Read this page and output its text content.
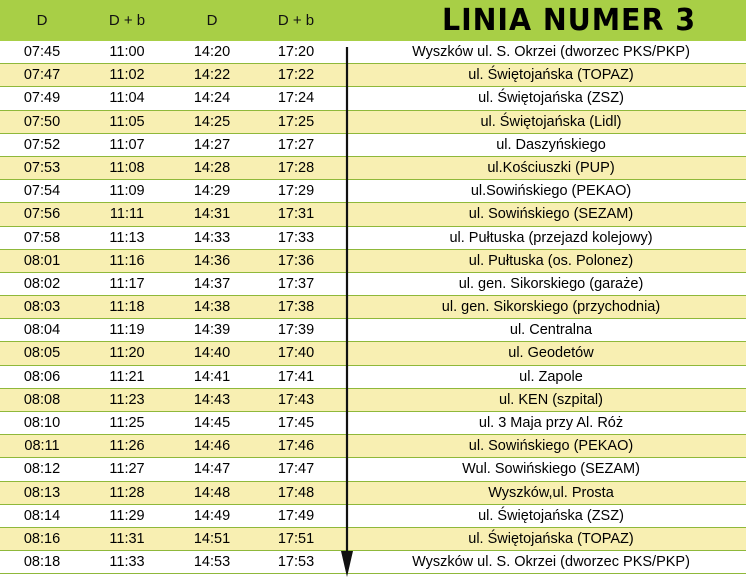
D	D + b	D	D + b	LINIA NUMER 3
07:45	11:00	14:20	17:20	Wyszków ul. S. Okrzei (dworzec PKS/PKP)
07:47	11:02	14:22	17:22	ul. Świętojańska (TOPAZ)
07:49	11:04	14:24	17:24	ul. Świętojańska (ZSZ)
07:50	11:05	14:25	17:25	ul. Świętojańska (Lidl)
07:52	11:07	14:27	17:27	ul. Daszyńskiego
07:53	11:08	14:28	17:28	ul.Kościuszki (PUP)
07:54	11:09	14:29	17:29	ul.Sowińskiego (PEKAO)
07:56	11:11	14:31	17:31	ul. Sowińskiego (SEZAM)
07:58	11:13	14:33	17:33	ul. Pułtuska (przejazd kolejowy)
08:01	11:16	14:36	17:36	ul. Pułtuska (os. Polonez)
08:02	11:17	14:37	17:37	ul. gen. Sikorskiego (garaże)
08:03	11:18	14:38	17:38	ul. gen. Sikorskiego (przychodnia)
08:04	11:19	14:39	17:39	ul. Centralna
08:05	11:20	14:40	17:40	ul. Geodetów
08:06	11:21	14:41	17:41	ul. Zapole
08:08	11:23	14:43	17:43	ul. KEN (szpital)
08:10	11:25	14:45	17:45	ul. 3 Maja przy Al. Róż
08:11	11:26	14:46	17:46	ul. Sowińskiego (PEKAO)
08:12	11:27	14:47	17:47	Wul. Sowińskiego (SEZAM)
08:13	11:28	14:48	17:48	Wyszków,ul. Prosta
08:14	11:29	14:49	17:49	ul. Świętojańska (ZSZ)
08:16	11:31	14:51	17:51	ul. Świętojańska (TOPAZ)
08:18	11:33	14:53	17:53	Wyszków ul. S. Okrzei (dworzec PKS/PKP)
